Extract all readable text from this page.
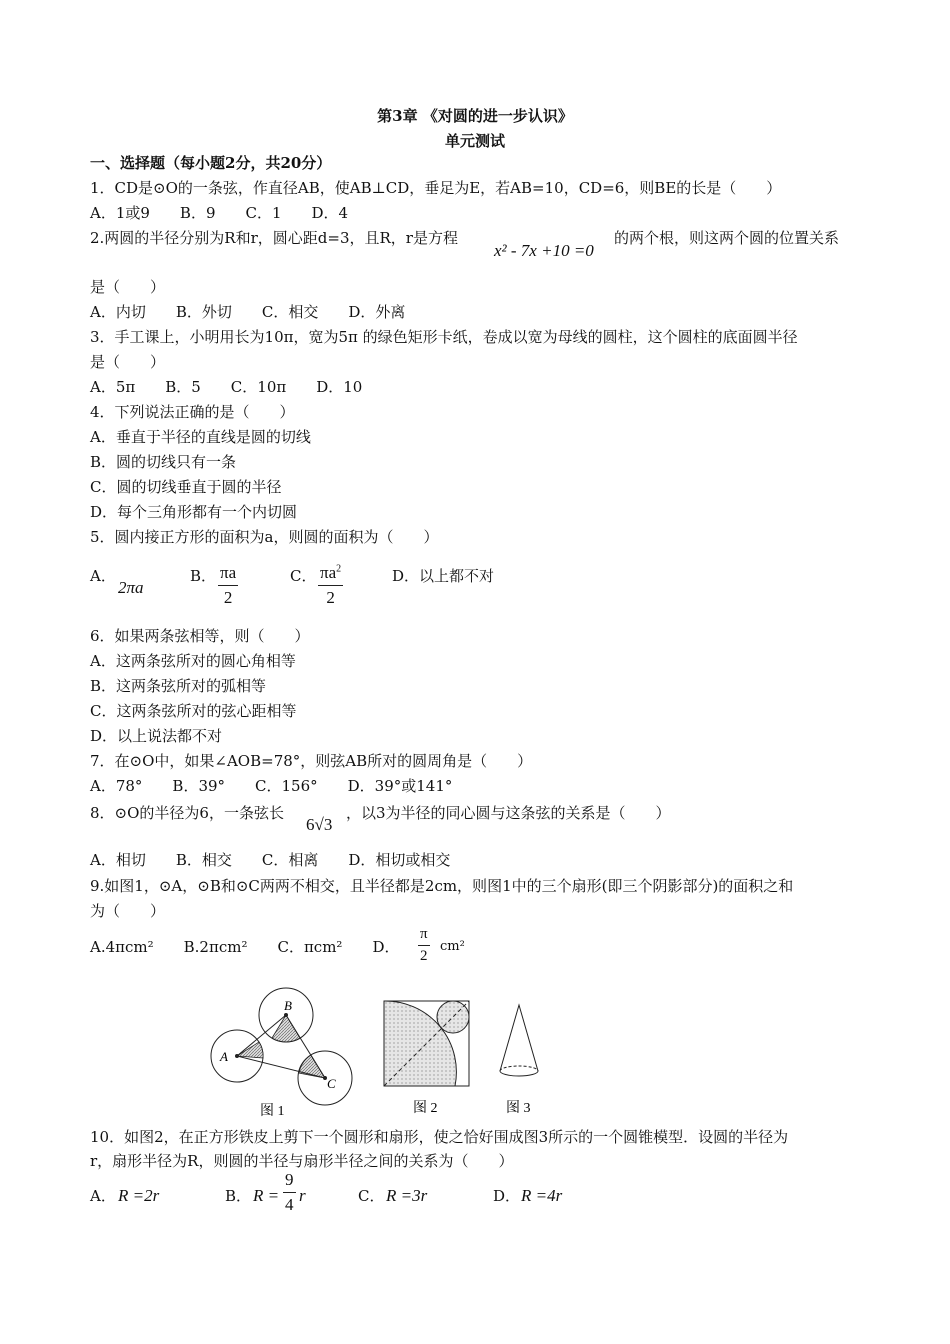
第3章 《对圆的进一步认识》
单元测试
一、选择题（每小题2分，共20分）
1．CD是⊙O的一条弦，作直径AB，使AB⊥CD，垂足为E，若AB=10，CD=6，则BE的长是（　　）
A．1或9　　B．9　　C．1　　D．4
2.两圆的半径分别为R和r，圆心距d=3，且R，r是方程
x² - 7x +10 =0
的两个根，则这两个圆的位置关系
是（　　）
A．内切　　B．外切　　C．相交　　D．外离
3．手工课上，小明用长为10π，宽为5π 的绿色矩形卡纸，卷成以宽为母线的圆柱，这个圆柱的底面圆半径
是（　　）
A．5π　　B．5　　C．10π　　D．10
4．下列说法正确的是（　　）
A．垂直于半径的直线是圆的切线
B．圆的切线只有一条
C．圆的切线垂直于圆的半径
D．每个三角形都有一个内切圆
5．圆内接正方形的面积为a，则圆的面积为（　　）
A．
2πa
B． πa
2
C． $\pi a^2$
2
D．以上都不对
6．如果两条弦相等，则（　　）
A．这两条弦所对的圆心角相等
B．这两条弦所对的弧相等
C．这两条弦所对的弦心距相等
D．以上说法都不对
7．在⊙O中，如果∠AOB=78°，则弦AB所对的圆周角是（　　）
A．78°　　B．39°　　C．156°　　D．39°或141°
8．⊙O的半径为6，一条弦长
6√3
，以3为半径的同心圆与这条弦的关系是（　　）
A．相切　　B．相交　　C．相离　　D．相切或相交
9.如图1，⊙A，⊙B和⊙C两两不相交，且半径都是2cm，则图1中的三个扇形(即三个阴影部分)的面积之和
为（　　）
A.4πcm²　　B.2πcm²　　C．πcm²　　D．
π
2
cm²
A
B
C
图 1	图 2	图 3
10．如图2，在正方形铁皮上剪下一个圆形和扇形，使之恰好围成图3所示的一个圆锥模型．设圆的半径为
r，扇形半径为R，则圆的半径与扇形半径之间的关系为（　　）
A． R =2r	B． R =
9
4 r	C． R =3r	D． R =4r
